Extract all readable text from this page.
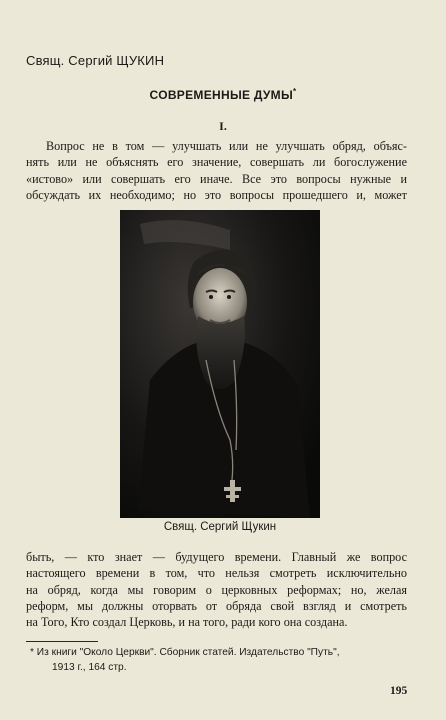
Свящ. Сергий ЩУКИН
СОВРЕМЕННЫЕ ДУМЫ*
I.
Вопрос не в том — улучшать или не улучшать обряд, объяс-
нять или не объяснять его значение, совершать ли богослужение
«истово» или совершать его иначе. Все это вопросы нужные и
обсуждать их необходимо; но это вопросы прошедшего и, может
Свящ. Сергий Щукин
быть, — кто знает — будущего времени. Главный же вопрос
настоящего времени в том, что нельзя смотреть исключительно
на обряд, когда мы говорим о церковных реформах; но, желая
реформ, мы должны оторвать от обряда свой взгляд и смотреть
на Того, Кто создал Церковь, и на того, ради кого она создана.
* Из книги "Около Церкви". Сборник статей. Издательство "Путь",
1913 г., 164 стр.
195
